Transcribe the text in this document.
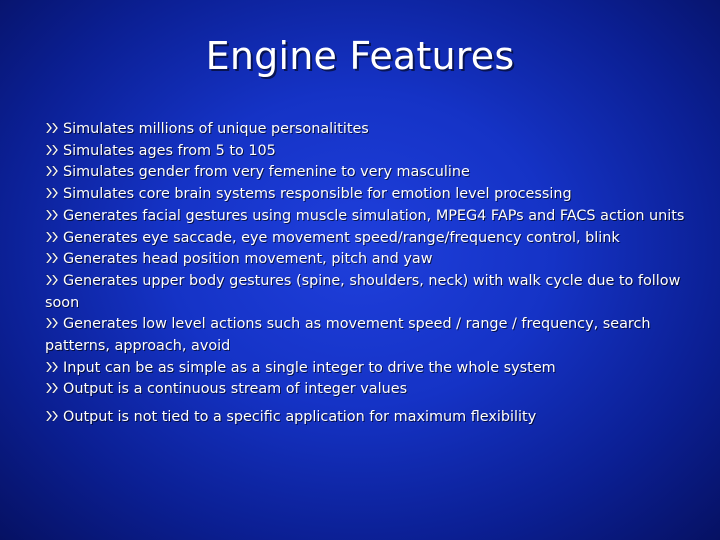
Engine Features
Simulates millions of unique personalitites
Simulates ages from 5 to 105
Simulates gender from very femenine to very masculine
Simulates core brain systems responsible for emotion level processing
Generates facial gestures using muscle simulation, MPEG4 FAPs and FACS action units
Generates eye saccade, eye movement speed/range/frequency control, blink
Generates head position movement, pitch and yaw
Generates upper body gestures (spine, shoulders, neck) with walk cycle due to follow soon
Generates low level actions such as movement speed / range / frequency, search patterns, approach, avoid
Input can be as simple as a single integer to drive the whole system
Output is a continuous stream of integer values
Output is not tied to a specific application for maximum flexibility
